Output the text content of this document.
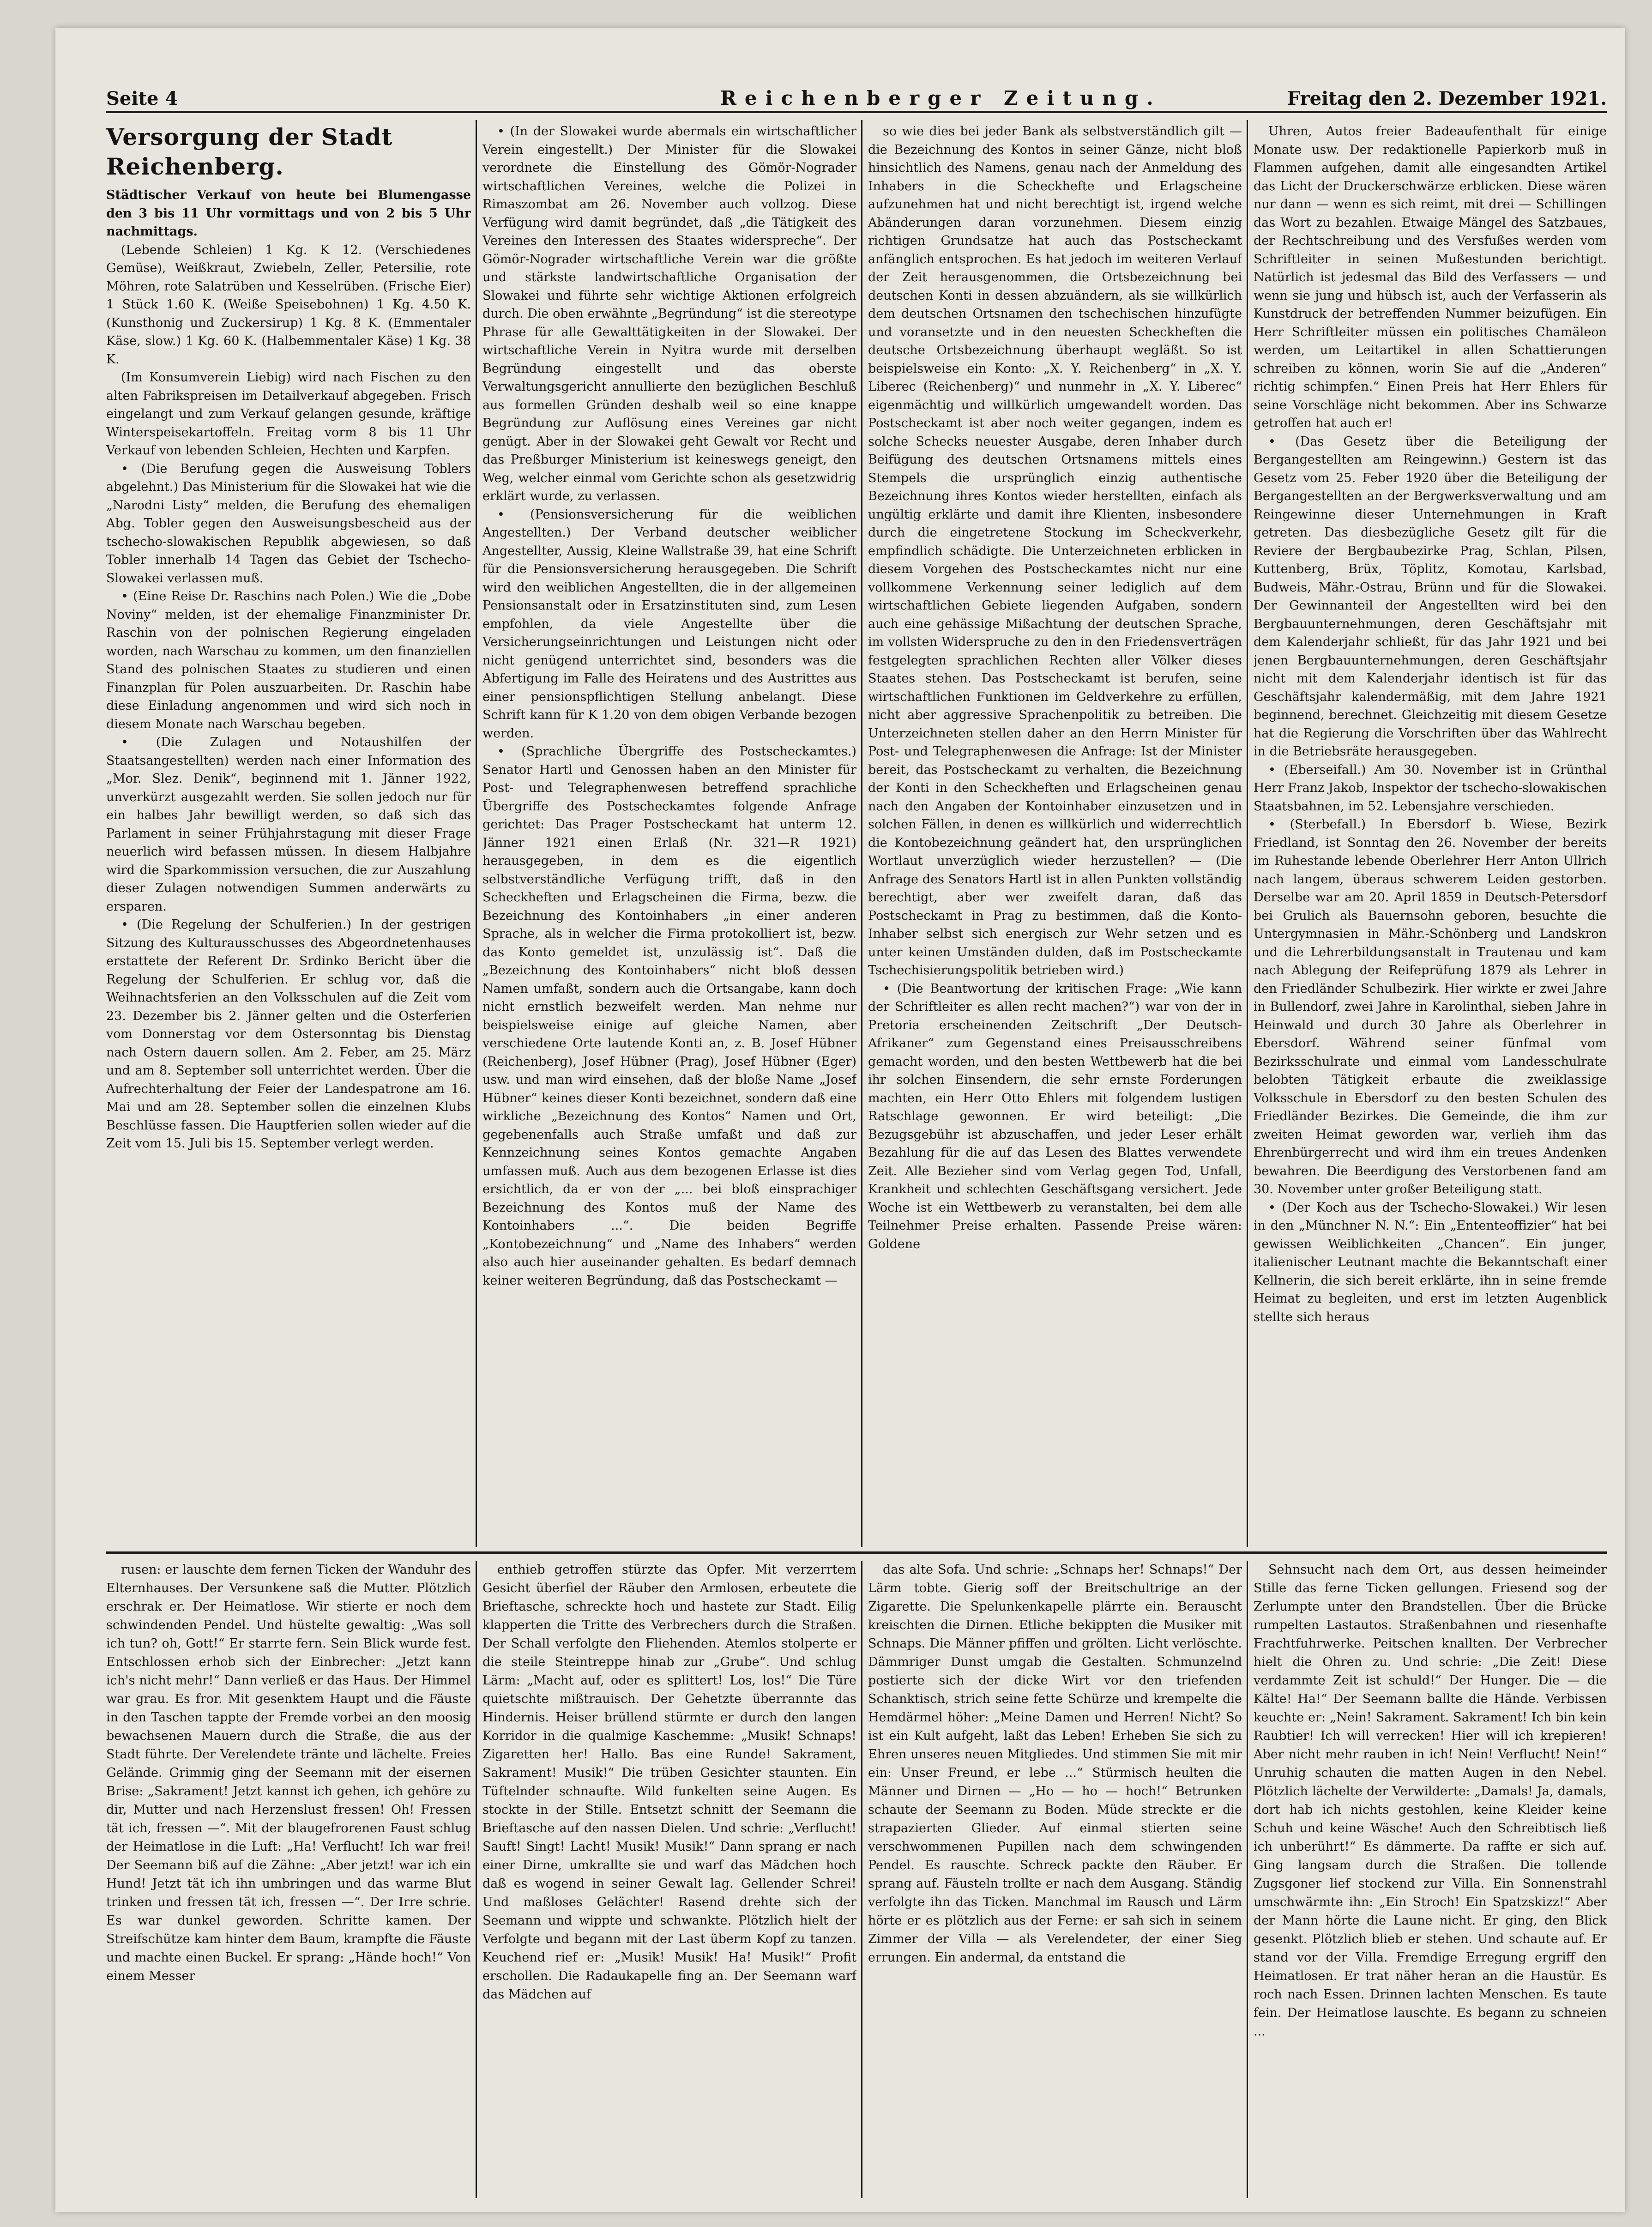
Seite 4	Reichenberger Zeitung.	Freitag den 2. Dezember 1921.
Versorgung der Stadt Reichenberg.

Städtischer Verkauf von heute bei Blumengasse den 3 bis 11 Uhr vormittags und von 2 bis 5 Uhr nachmittags.

(Lebende Schleien) 1 Kg. K 12. (Verschiedenes Gemüse), Weißkraut, Zwiebeln, Zeller, Petersilie, rote Möhren, rote Salatrüben und Kesselrüben. (Frische Eier) 1 Stück 1.60 K. (Weiße Speisebohnen) 1 Kg. 4.50 K. (Kunsthonig und Zuckersirup) 1 Kg. 8 K. (Emmentaler Käse, slow.) 1 Kg. 60 K. (Halbemmentaler Käse) 1 Kg. 38 K.

(Im Konsumverein Liebig) wird nach Fischen zu den alten Fabrikspreisen im Detailverkauf abgegeben. Frisch eingelangt und zum Verkauf gelangen gesunde, kräftige Winterspeisekartoffeln. Freitag vorm 8 bis 11 Uhr Verkauf von lebenden Schleien, Hechten und Karpfen.

• (Die Berufung gegen die Ausweisung Toblers abgelehnt.) Das Ministerium für die Slowakei hat wie die „Narodni Listy“ melden, die Berufung des ehemaligen Abg. Tobler gegen den Ausweisungsbescheid aus der tschecho-slowakischen Republik abgewiesen, so daß Tobler innerhalb 14 Tagen das Gebiet der Tschecho-Slowakei verlassen muß.

• (Eine Reise Dr. Raschins nach Polen.) Wie die „Dobe Noviny“ melden, ist der ehemalige Finanzminister Dr. Raschin von der polnischen Regierung eingeladen worden, nach Warschau zu kommen, um den finanziellen Stand des polnischen Staates zu studieren und einen Finanzplan für Polen auszuarbeiten. Dr. Raschin habe diese Einladung angenommen und wird sich noch in diesem Monate nach Warschau begeben.

• (Die Zulagen und Notaushilfen der Staatsangestellten) werden nach einer Information des „Mor. Slez. Denik“, beginnend mit 1. Jänner 1922, unverkürzt ausgezahlt werden. Sie sollen jedoch nur für ein halbes Jahr bewilligt werden, so daß sich das Parlament in seiner Frühjahrstagung mit dieser Frage neuerlich wird befassen müssen. In diesem Halbjahre wird die Sparkommission versuchen, die zur Auszahlung dieser Zulagen notwendigen Summen anderwärts zu ersparen.

• (Die Regelung der Schulferien.) In der gestrigen Sitzung des Kulturausschusses des Abgeordnetenhauses erstattete der Referent Dr. Srdinko Bericht über die Regelung der Schulferien. Er schlug vor, daß die Weihnachtsferien an den Volksschulen auf die Zeit vom 23. Dezember bis 2. Jänner gelten und die Osterferien vom Donnerstag vor dem Ostersonntag bis Dienstag nach Ostern dauern sollen. Am 2. Feber, am 25. März und am 8. September soll unterrichtet werden. Über die Aufrechterhaltung der Feier der Landespatrone am 16. Mai und am 28. September sollen die einzelnen Klubs Beschlüsse fassen. Die Hauptferien sollen wieder auf die Zeit vom 15. Juli bis 15. September verlegt werden.

• (In der Slowakei wurde abermals ein wirtschaftlicher Verein eingestellt.) Der Minister für die Slowakei verordnete die Einstellung des Gömör-Nograder wirtschaftlichen Vereines, welche die Polizei in Rimaszombat am 26. November auch vollzog. Diese Verfügung wird damit begründet, daß „die Tätigkeit des Vereines den Interessen des Staates widerspreche“. Der Gömör-Nograder wirtschaftliche Verein war die größte und stärkste landwirtschaftliche Organisation der Slowakei und führte sehr wichtige Aktionen erfolgreich durch. Die oben erwähnte „Begründung“ ist die stereotype Phrase für alle Gewalttätigkeiten in der Slowakei. Der wirtschaftliche Verein in Nyitra wurde mit derselben Begründung eingestellt und das oberste Verwaltungsgericht annullierte den bezüglichen Beschluß aus formellen Gründen deshalb weil so eine knappe Begründung zur Auflösung eines Vereines gar nicht genügt. Aber in der Slowakei geht Gewalt vor Recht und das Preßburger Ministerium ist keineswegs geneigt, den Weg, welcher einmal vom Gerichte schon als gesetzwidrig erklärt wurde, zu verlassen.

• (Pensionsversicherung für die weiblichen Angestellten.) Der Verband deutscher weiblicher Angestellter, Aussig, Kleine Wallstraße 39, hat eine Schrift für die Pensionsversicherung herausgegeben. Die Schrift wird den weiblichen Angestellten, die in der allgemeinen Pensionsanstalt oder in Ersatzinstituten sind, zum Lesen empfohlen, da viele Angestellte über die Versicherungseinrichtungen und Leistungen nicht oder nicht genügend unterrichtet sind, besonders was die Abfertigung im Falle des Heiratens und des Austrittes aus einer pensionspflichtigen Stellung anbelangt. Diese Schrift kann für K 1.20 von dem obigen Verbande bezogen werden.

• (Sprachliche Übergriffe des Postscheckamtes.) Senator Hartl und Genossen haben an den Minister für Post- und Telegraphenwesen betreffend sprachliche Übergriffe des Postscheckamtes folgende Anfrage gerichtet: Das Prager Postscheckamt hat unterm 12. Jänner 1921 einen Erlaß (Nr. 321—R 1921) herausgegeben, in dem es die eigentlich selbstverständliche Verfügung trifft, daß in den Scheckheften und Erlagscheinen die Firma, bezw. die Bezeichnung des Kontoinhabers „in einer anderen Sprache, als in welcher die Firma protokolliert ist, bezw. das Konto gemeldet ist, unzulässig ist“. Daß die „Bezeichnung des Kontoinhabers“ nicht bloß dessen Namen umfaßt, sondern auch die Ortsangabe, kann doch nicht ernstlich bezweifelt werden. Man nehme nur beispielsweise einige auf gleiche Namen, aber verschiedene Orte lautende Konti an, z. B. Josef Hübner (Reichenberg), Josef Hübner (Prag), Josef Hübner (Eger) usw. und man wird einsehen, daß der bloße Name „Josef Hübner“ keines dieser Konti bezeichnet, sondern daß eine wirkliche „Bezeichnung des Kontos“ Namen und Ort, gegebenenfalls auch Straße umfaßt und daß zur Kennzeichnung seines Kontos gemachte Angaben umfassen muß. Auch aus dem bezogenen Erlasse ist dies ersichtlich, da er von der „... bei bloß einsprachiger Bezeichnung des Kontos muß der Name des Kontoinhabers ...“. Die beiden Begriffe „Kontobezeichnung“ und „Name des Inhabers“ werden also auch hier auseinander gehalten. Es bedarf demnach keiner weiteren Begründung, daß das Postscheckamt —

so wie dies bei jeder Bank als selbstverständlich gilt — die Bezeichnung des Kontos in seiner Gänze, nicht bloß hinsichtlich des Namens, genau nach der Anmeldung des Inhabers in die Scheckhefte und Erlagscheine aufzunehmen hat und nicht berechtigt ist, irgend welche Abänderungen daran vorzunehmen. Diesem einzig richtigen Grundsatze hat auch das Postscheckamt anfänglich entsprochen. Es hat jedoch im weiteren Verlauf der Zeit herausgenommen, die Ortsbezeichnung bei deutschen Konti in dessen abzuändern, als sie willkürlich dem deutschen Ortsnamen den tschechischen hinzufügte und voransetzte und in den neuesten Scheckheften die deutsche Ortsbezeichnung überhaupt wegläßt. So ist beispielsweise ein Konto: „X. Y. Reichenberg“ in „X. Y. Liberec (Reichenberg)“ und nunmehr in „X. Y. Liberec“ eigenmächtig und willkürlich umgewandelt worden. Das Postscheckamt ist aber noch weiter gegangen, indem es solche Schecks neuester Ausgabe, deren Inhaber durch Beifügung des deutschen Ortsnamens mittels eines Stempels die ursprünglich einzig authentische Bezeichnung ihres Kontos wieder herstellten, einfach als ungültig erklärte und damit ihre Klienten, insbesondere durch die eingetretene Stockung im Scheckverkehr, empfindlich schädigte. Die Unterzeichneten erblicken in diesem Vorgehen des Postscheckamtes nicht nur eine vollkommene Verkennung seiner lediglich auf dem wirtschaftlichen Gebiete liegenden Aufgaben, sondern auch eine gehässige Mißachtung der deutschen Sprache, im vollsten Widerspruche zu den in den Friedensverträgen festgelegten sprachlichen Rechten aller Völker dieses Staates stehen. Das Postscheckamt ist berufen, seine wirtschaftlichen Funktionen im Geldverkehre zu erfüllen, nicht aber aggressive Sprachenpolitik zu betreiben. Die Unterzeichneten stellen daher an den Herrn Minister für Post- und Telegraphenwesen die Anfrage: Ist der Minister bereit, das Postscheckamt zu verhalten, die Bezeichnung der Konti in den Scheckheften und Erlagscheinen genau nach den Angaben der Kontoinhaber einzusetzen und in solchen Fällen, in denen es willkürlich und widerrechtlich die Kontobezeichnung geändert hat, den ursprünglichen Wortlaut unverzüglich wieder herzustellen? — (Die Anfrage des Senators Hartl ist in allen Punkten vollständig berechtigt, aber wer zweifelt daran, daß das Postscheckamt in Prag zu bestimmen, daß die Konto-Inhaber selbst sich energisch zur Wehr setzen und es unter keinen Umständen dulden, daß im Postscheckamte Tschechisierungspolitik betrieben wird.)

• (Die Beantwortung der kritischen Frage: „Wie kann der Schriftleiter es allen recht machen?“) war von der in Pretoria erscheinenden Zeitschrift „Der Deutsch-Afrikaner“ zum Gegenstand eines Preisausschreibens gemacht worden, und den besten Wettbewerb hat die bei ihr solchen Einsendern, die sehr ernste Forderungen machten, ein Herr Otto Ehlers mit folgendem lustigen Ratschlage gewonnen. Er wird beteiligt: „Die Bezugsgebühr ist abzuschaffen, und jeder Leser erhält Bezahlung für die auf das Lesen des Blattes verwendete Zeit. Alle Bezieher sind vom Verlag gegen Tod, Unfall, Krankheit und schlechten Geschäftsgang versichert. Jede Woche ist ein Wettbewerb zu veranstalten, bei dem alle Teilnehmer Preise erhalten. Passende Preise wären: Goldene

Uhren, Autos freier Badeaufenthalt für einige Monate usw. Der redaktionelle Papierkorb muß in Flammen aufgehen, damit alle eingesandten Artikel das Licht der Druckerschwärze erblicken. Diese wären nur dann — wenn es sich reimt, mit drei — Schillingen das Wort zu bezahlen. Etwaige Mängel des Satzbaues, der Rechtschreibung und des Versfußes werden vom Schriftleiter in seinen Mußestunden berichtigt. Natürlich ist jedesmal das Bild des Verfassers — und wenn sie jung und hübsch ist, auch der Verfasserin als Kunstdruck der betreffenden Nummer beizufügen. Ein Herr Schriftleiter müssen ein politisches Chamäleon werden, um Leitartikel in allen Schattierungen schreiben zu können, worin Sie auf die „Anderen“ richtig schimpfen.“ Einen Preis hat Herr Ehlers für seine Vorschläge nicht bekommen. Aber ins Schwarze getroffen hat auch er!

• (Das Gesetz über die Beteiligung der Bergangestellten am Reingewinn.) Gestern ist das Gesetz vom 25. Feber 1920 über die Beteiligung der Bergangestellten an der Bergwerksverwaltung und am Reingewinne dieser Unternehmungen in Kraft getreten. Das diesbezügliche Gesetz gilt für die Reviere der Bergbaubezirke Prag, Schlan, Pilsen, Kuttenberg, Brüx, Töplitz, Komotau, Karlsbad, Budweis, Mähr.-Ostrau, Brünn und für die Slowakei. Der Gewinnanteil der Angestellten wird bei den Bergbauunternehmungen, deren Geschäftsjahr mit dem Kalenderjahr schließt, für das Jahr 1921 und bei jenen Bergbauunternehmungen, deren Geschäftsjahr nicht mit dem Kalenderjahr identisch ist für das Geschäftsjahr kalendermäßig, mit dem Jahre 1921 beginnend, berechnet. Gleichzeitig mit diesem Gesetze hat die Regierung die Vorschriften über das Wahlrecht in die Betriebsräte herausgegeben.

• (Eberseifall.) Am 30. November ist in Grünthal Herr Franz Jakob, Inspektor der tschecho-slowakischen Staatsbahnen, im 52. Lebensjahre verschieden.

• (Sterbefall.) In Ebersdorf b. Wiese, Bezirk Friedland, ist Sonntag den 26. November der bereits im Ruhestande lebende Oberlehrer Herr Anton Ullrich nach langem, überaus schwerem Leiden gestorben. Derselbe war am 20. April 1859 in Deutsch-Petersdorf bei Grulich als Bauernsohn geboren, besuchte die Untergymnasien in Mähr.-Schönberg und Landskron und die Lehrerbildungsanstalt in Trautenau und kam nach Ablegung der Reifeprüfung 1879 als Lehrer in den Friedländer Schulbezirk. Hier wirkte er zwei Jahre in Bullendorf, zwei Jahre in Karolinthal, sieben Jahre in Heinwald und durch 30 Jahre als Oberlehrer in Ebersdorf. Während seiner fünfmal vom Bezirksschulrate und einmal vom Landesschulrate belobten Tätigkeit erbaute die zweiklassige Volksschule in Ebersdorf zu den besten Schulen des Friedländer Bezirkes. Die Gemeinde, die ihm zur zweiten Heimat geworden war, verlieh ihm das Ehrenbürgerrecht und wird ihm ein treues Andenken bewahren. Die Beerdigung des Verstorbenen fand am 30. November unter großer Beteiligung statt.

• (Der Koch aus der Tschecho-Slowakei.) Wir lesen in den „Münchner N. N.“: Ein „Ententeoffizier“ hat bei gewissen Weiblichkeiten „Chancen“. Ein junger, italienischer Leutnant machte die Bekanntschaft einer Kellnerin, die sich bereit erklärte, ihn in seine fremde Heimat zu begleiten, und erst im letzten Augenblick stellte sich heraus

rusen: er lauschte dem fernen Ticken der Wanduhr des Elternhauses. Der Versunkene saß die Mutter. Plötzlich erschrak er. Der Heimatlose. Wir stierte er noch dem schwindenden Pendel. Und hüstelte gewaltig: „Was soll ich tun? oh, Gott!“ Er starrte fern. Sein Blick wurde fest. Entschlossen erhob sich der Einbrecher: „Jetzt kann ich's nicht mehr!“ Dann verließ er das Haus. Der Himmel war grau. Es fror. Mit gesenktem Haupt und die Fäuste in den Taschen tappte der Fremde vorbei an den moosig bewachsenen Mauern durch die Straße, die aus der Stadt führte. Der Verelendete tränte und lächelte. Freies Gelände. Grimmig ging der Seemann mit der eisernen Brise: „Sakrament! Jetzt kannst ich gehen, ich gehöre zu dir, Mutter und nach Herzenslust fressen! Oh! Fressen tät ich, fressen —“. Mit der blaugefrorenen Faust schlug der Heimatlose in die Luft: „Ha! Verflucht! Ich war frei! Der Seemann biß auf die Zähne: „Aber jetzt! war ich ein Hund! Jetzt tät ich ihn umbringen und das warme Blut trinken und fressen tät ich, fressen —“. Der Irre schrie. Es war dunkel geworden. Schritte kamen. Der Streifschütze kam hinter dem Baum, krampfte die Fäuste und machte einen Buckel. Er sprang: „Hände hoch!“ Von einem Messer

enthieb getroffen stürzte das Opfer. Mit verzerrtem Gesicht überfiel der Räuber den Armlosen, erbeutete die Brieftasche, schreckte hoch und hastete zur Stadt. Eilig klapperten die Tritte des Verbrechers durch die Straßen. Der Schall verfolgte den Fliehenden. Atemlos stolperte er die steile Steintreppe hinab zur „Grube“. Und schlug Lärm: „Macht auf, oder es splittert! Los, los!“ Die Türe quietschte mißtrauisch. Der Gehetzte überrannte das Hindernis. Heiser brüllend stürmte er durch den langen Korridor in die qualmige Kaschemme: „Musik! Schnaps! Zigaretten her! Hallo. Bas eine Runde! Sakrament, Sakrament! Musik!“ Die trüben Gesichter staunten. Ein Tüftelnder schnaufte. Wild funkelten seine Augen. Es stockte in der Stille. Entsetzt schnitt der Seemann die Brieftasche auf den nassen Dielen. Und schrie: „Verflucht! Sauft! Singt! Lacht! Musik! Musik!“ Dann sprang er nach einer Dirne, umkrallte sie und warf das Mädchen hoch daß es wogend in seiner Gewalt lag. Gellender Schrei! Und maßloses Gelächter! Rasend drehte sich der Seemann und wippte und schwankte. Plötzlich hielt der Verfolgte und begann mit der Last überm Kopf zu tanzen. Keuchend rief er: „Musik! Musik! Ha! Musik!“ Profit erschollen. Die Radaukapelle fing an. Der Seemann warf das Mädchen auf

das alte Sofa. Und schrie: „Schnaps her! Schnaps!“ Der Lärm tobte. Gierig soff der Breitschultrige an der Zigarette. Die Spelunkenkapelle plärrte ein. Berauscht kreischten die Dirnen. Etliche bekippten die Musiker mit Schnaps. Die Männer pfiffen und grölten. Licht verlöschte. Dämmriger Dunst umgab die Gestalten. Schmunzelnd postierte sich der dicke Wirt vor den triefenden Schanktisch, strich seine fette Schürze und krempelte die Hemdärmel höher: „Meine Damen und Herren! Nicht? So ist ein Kult aufgeht, laßt das Leben! Erheben Sie sich zu Ehren unseres neuen Mitgliedes. Und stimmen Sie mit mir ein: Unser Freund, er lebe ...“ Stürmisch heulten die Männer und Dirnen — „Ho — ho — hoch!“ Betrunken schaute der Seemann zu Boden. Müde streckte er die strapazierten Glieder. Auf einmal stierten seine verschwommenen Pupillen nach dem schwingenden Pendel. Es rauschte. Schreck packte den Räuber. Er sprang auf. Fäusteln trollte er nach dem Ausgang. Ständig verfolgte ihn das Ticken. Manchmal im Rausch und Lärm hörte er es plötzlich aus der Ferne: er sah sich in seinem Zimmer der Villa — als Verelendeter, der einer Sieg errungen. Ein andermal, da entstand die

Sehnsucht nach dem Ort, aus dessen heimeinder Stille das ferne Ticken gellungen. Friesend sog der Zerlumpte unter den Brandstellen. Über die Brücke rumpelten Lastautos. Straßenbahnen und riesenhafte Frachtfuhrwerke. Peitschen knallten. Der Verbrecher hielt die Ohren zu. Und schrie: „Die Zeit! Diese verdammte Zeit ist schuld!“ Der Hunger. Die — die Kälte! Ha!“ Der Seemann ballte die Hände. Verbissen keuchte er: „Nein! Sakrament. Sakrament! Ich bin kein Raubtier! Ich will verrecken! Hier will ich krepieren! Aber nicht mehr rauben in ich! Nein! Verflucht! Nein!“ Unruhig schauten die matten Augen in den Nebel. Plötzlich lächelte der Verwilderte: „Damals! Ja, damals, dort hab ich nichts gestohlen, keine Kleider keine Schuh und keine Wäsche! Auch den Schreibtisch ließ ich unberührt!“ Es dämmerte. Da raffte er sich auf. Ging langsam durch die Straßen. Die tollende Zugsgoner lief stockend zur Villa. Ein Sonnenstrahl umschwärmte ihn: „Ein Stroch! Ein Spatzskizz!“ Aber der Mann hörte die Laune nicht. Er ging, den Blick gesenkt. Plötzlich blieb er stehen. Und schaute auf. Er stand vor der Villa. Fremdige Erregung ergriff den Heimatlosen. Er trat näher heran an die Haustür. Es roch nach Essen. Drinnen lachten Menschen. Es taute fein. Der Heimatlose lauschte. Es begann zu schneien ...
